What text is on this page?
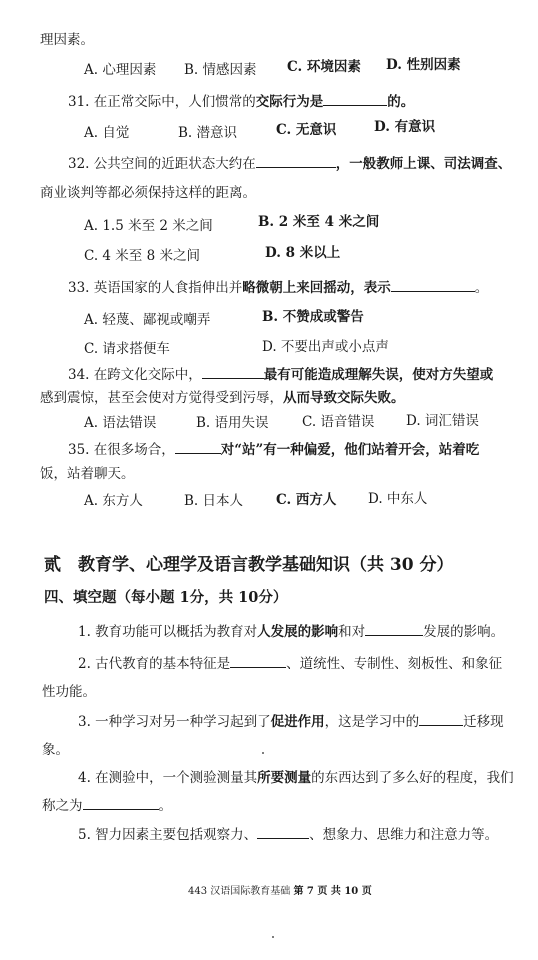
理因素。
A. 心理因素 B. 情感因素 C. 环境因素 D. 性别因素
31. 在正常交际中，人们惯常的交际行为是	的。
A. 自觉	B. 潜意识	C. 无意识	D. 有意识
32. 公共空间的近距状态大约在	，一般教师上课、司法调查、
商业谈判等都必须保持这样的距离。
A. 1.5 米至 2 米之间	B. 2 米至 4 米之间
C. 4 米至 8 米之间	D. 8 米以上
33. 英语国家的人食指伸出并略微朝上来回摇动，表示	。
A. 轻蔑、鄙视或嘲弄	B. 不赞成或警告
C. 请求搭便车	D. 不要出声或小点声
34. 在跨文化交际中，	最有可能造成理解失误，使对方失望或
感到震惊，甚至会使对方觉得受到污辱，从而导致交际失败。
A. 语法错误	B. 语用失误 C. 语音错误 D. 词汇错误
35. 在很多场合，	对“站”有一种偏爱，他们站着开会，站着吃
饭，站着聊天。
A. 东方人	B. 日本人 C. 西方人 D. 中东人
贰　教育学、心理学及语言教学基础知识（共 30 分）
四、填空题（每小题 1分，共 10分）
1. 教育功能可以概括为教育对人发展的影响和对	发展的影响。
2. 古代教育的基本特征是	、道统性、专制性、刻板性、和象征
性功能。
3. 一种学习对另一种学习起到了促进作用，这是学习中的	迁移现
象。
4. 在测验中，一个测验测量其所要测量的东西达到了多么好的程度，我们
称之为	。
5. 智力因素主要包括观察力、	、想象力、思维力和注意力等。
443 汉语国际教育基础 第 7 页 共 10 页
